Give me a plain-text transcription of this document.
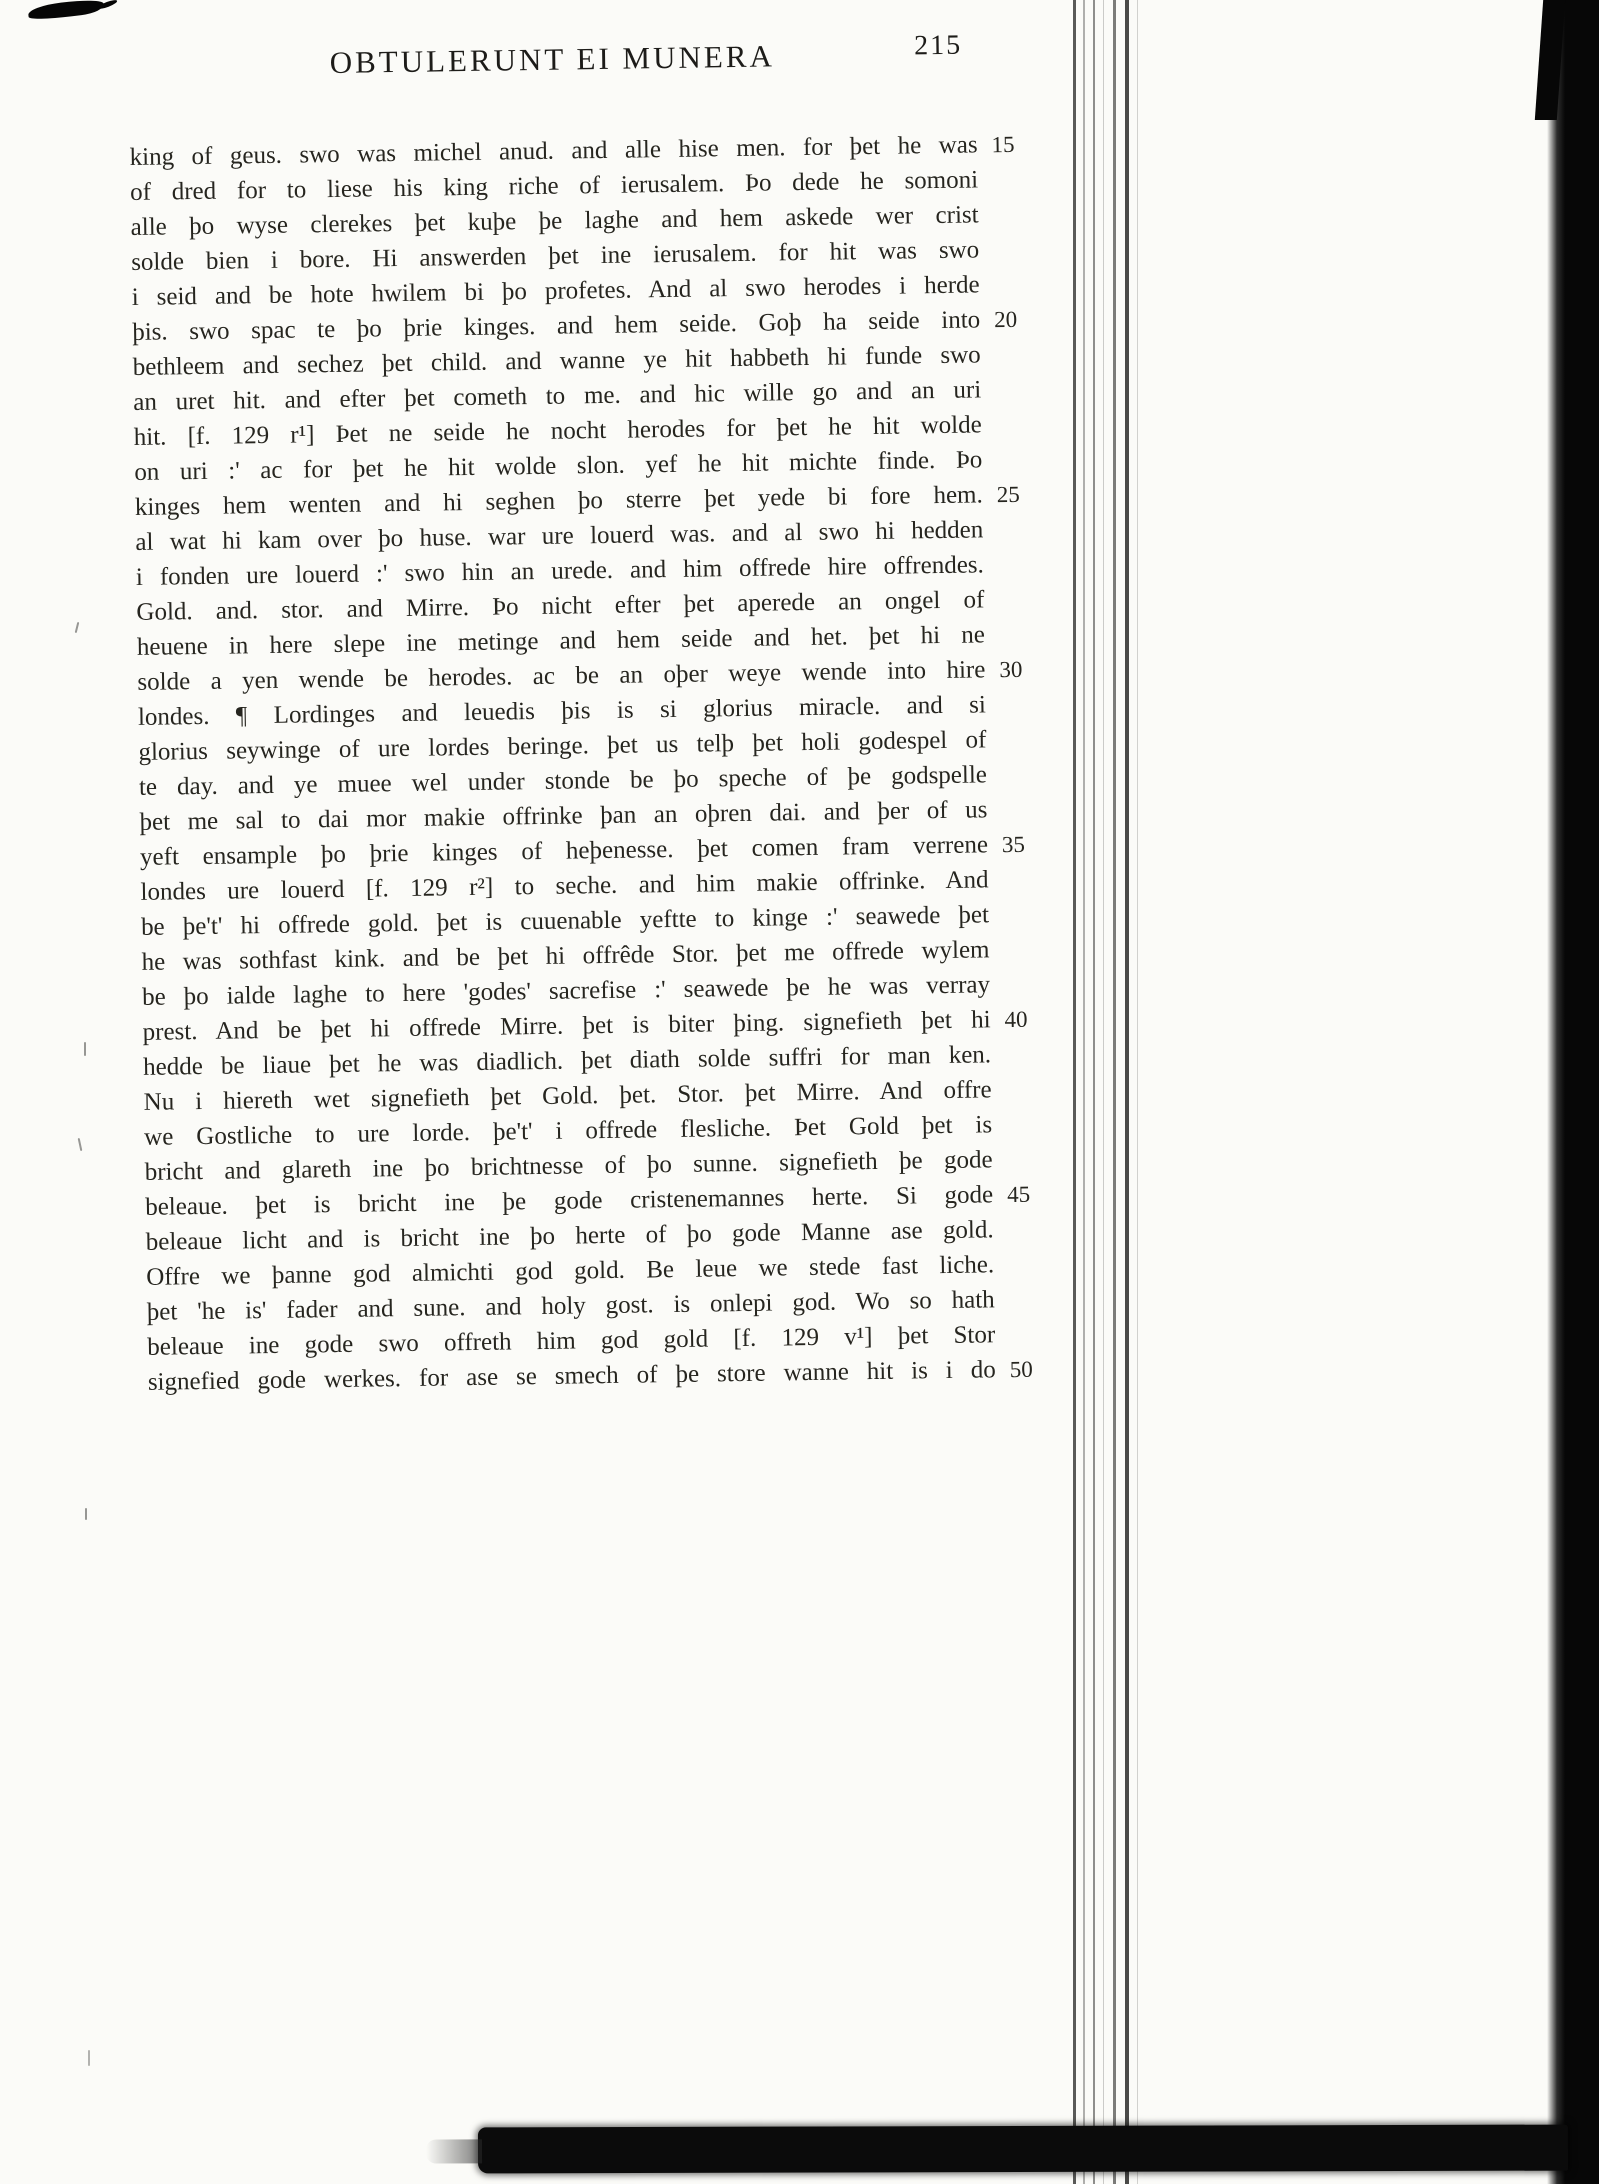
OBTULERUNT EI MUNERA	215
king of geus. swo was michel anud. and alle hise men. for þet he was 15
of dred for to liese his king riche of ierusalem. Þo dede he somoni
alle þo wyse clerekes þet kuþe þe laghe and hem askede wer crist
solde bien i bore. Hi answerden þet ine ierusalem. for hit was swo
i seid and be hote hwilem bi þo profetes. And al swo herodes i herde
þis. swo spac te þo þrie kinges. and hem seide. Goþ ha seide into 20
bethleem and sechez þet child. and wanne ye hit habbeth hi funde swo
an uret hit. and efter þet cometh to me. and hic wille go and an uri
hit. [f. 129 r¹] Þet ne seide he nocht herodes for þet he hit wolde
on uri :' ac for þet he hit wolde slon. yef he hit michte finde. Þo
kinges hem wenten and hi seghen þo sterre þet yede bi fore hem. 25
al wat hi kam over þo huse. war ure louerd was. and al swo hi hedden
i fonden ure louerd :' swo hin an urede. and him offrede hire offrendes.
Gold. and. stor. and Mirre. Þo nicht efter þet aperede an ongel of
heuene in here slepe ine metinge and hem seide and het. þet hi ne
solde a yen wende be herodes. ac be an oþer weye wende into hire 30
londes. ¶ Lordinges and leuedis þis is si glorius miracle. and si
glorius seywinge of ure lordes beringe. þet us telþ þet holi godespel of
te day. and ye muee wel under stonde be þo speche of þe godspelle
þet me sal to dai mor makie offrinke þan an oþren dai. and þer of us
yeft ensample þo þrie kinges of heþenesse. þet comen fram verrene 35
londes ure louerd [f. 129 r²] to seche. and him makie offrinke. And
be þe't' hi offrede gold. þet is cuuenable yeftte to kinge :' seawede þet
he was sothfast kink. and be þet hi offrêde Stor. þet me offrede wylem
be þo ialde laghe to here 'godes' sacrefise :' seawede þe he was verray
prest. And be þet hi offrede Mirre. þet is biter þing. signefieth þet hi 40
hedde be liaue þet he was diadlich. þet diath solde suffri for man ken.
Nu i hiereth wet signefieth þet Gold. þet. Stor. þet Mirre. And offre
we Gostliche to ure lorde. þe't' i offrede flesliche. Þet Gold þet is
bricht and glareth ine þo brichtnesse of þo sunne. signefieth þe gode
beleaue. þet is bricht ine þe gode cristenemannes herte. Si gode 45
beleaue licht and is bricht ine þo herte of þo gode Manne ase gold.
Offre we þanne god almichti god gold. Be leue we stede fast liche.
þet 'he is' fader and sune. and holy gost. is onlepi god. Wo so hath
beleaue ine gode swo offreth him god gold [f. 129 v¹] þet Stor
signefied gode werkes. for ase se smech of þe store wanne hit is i do 50
